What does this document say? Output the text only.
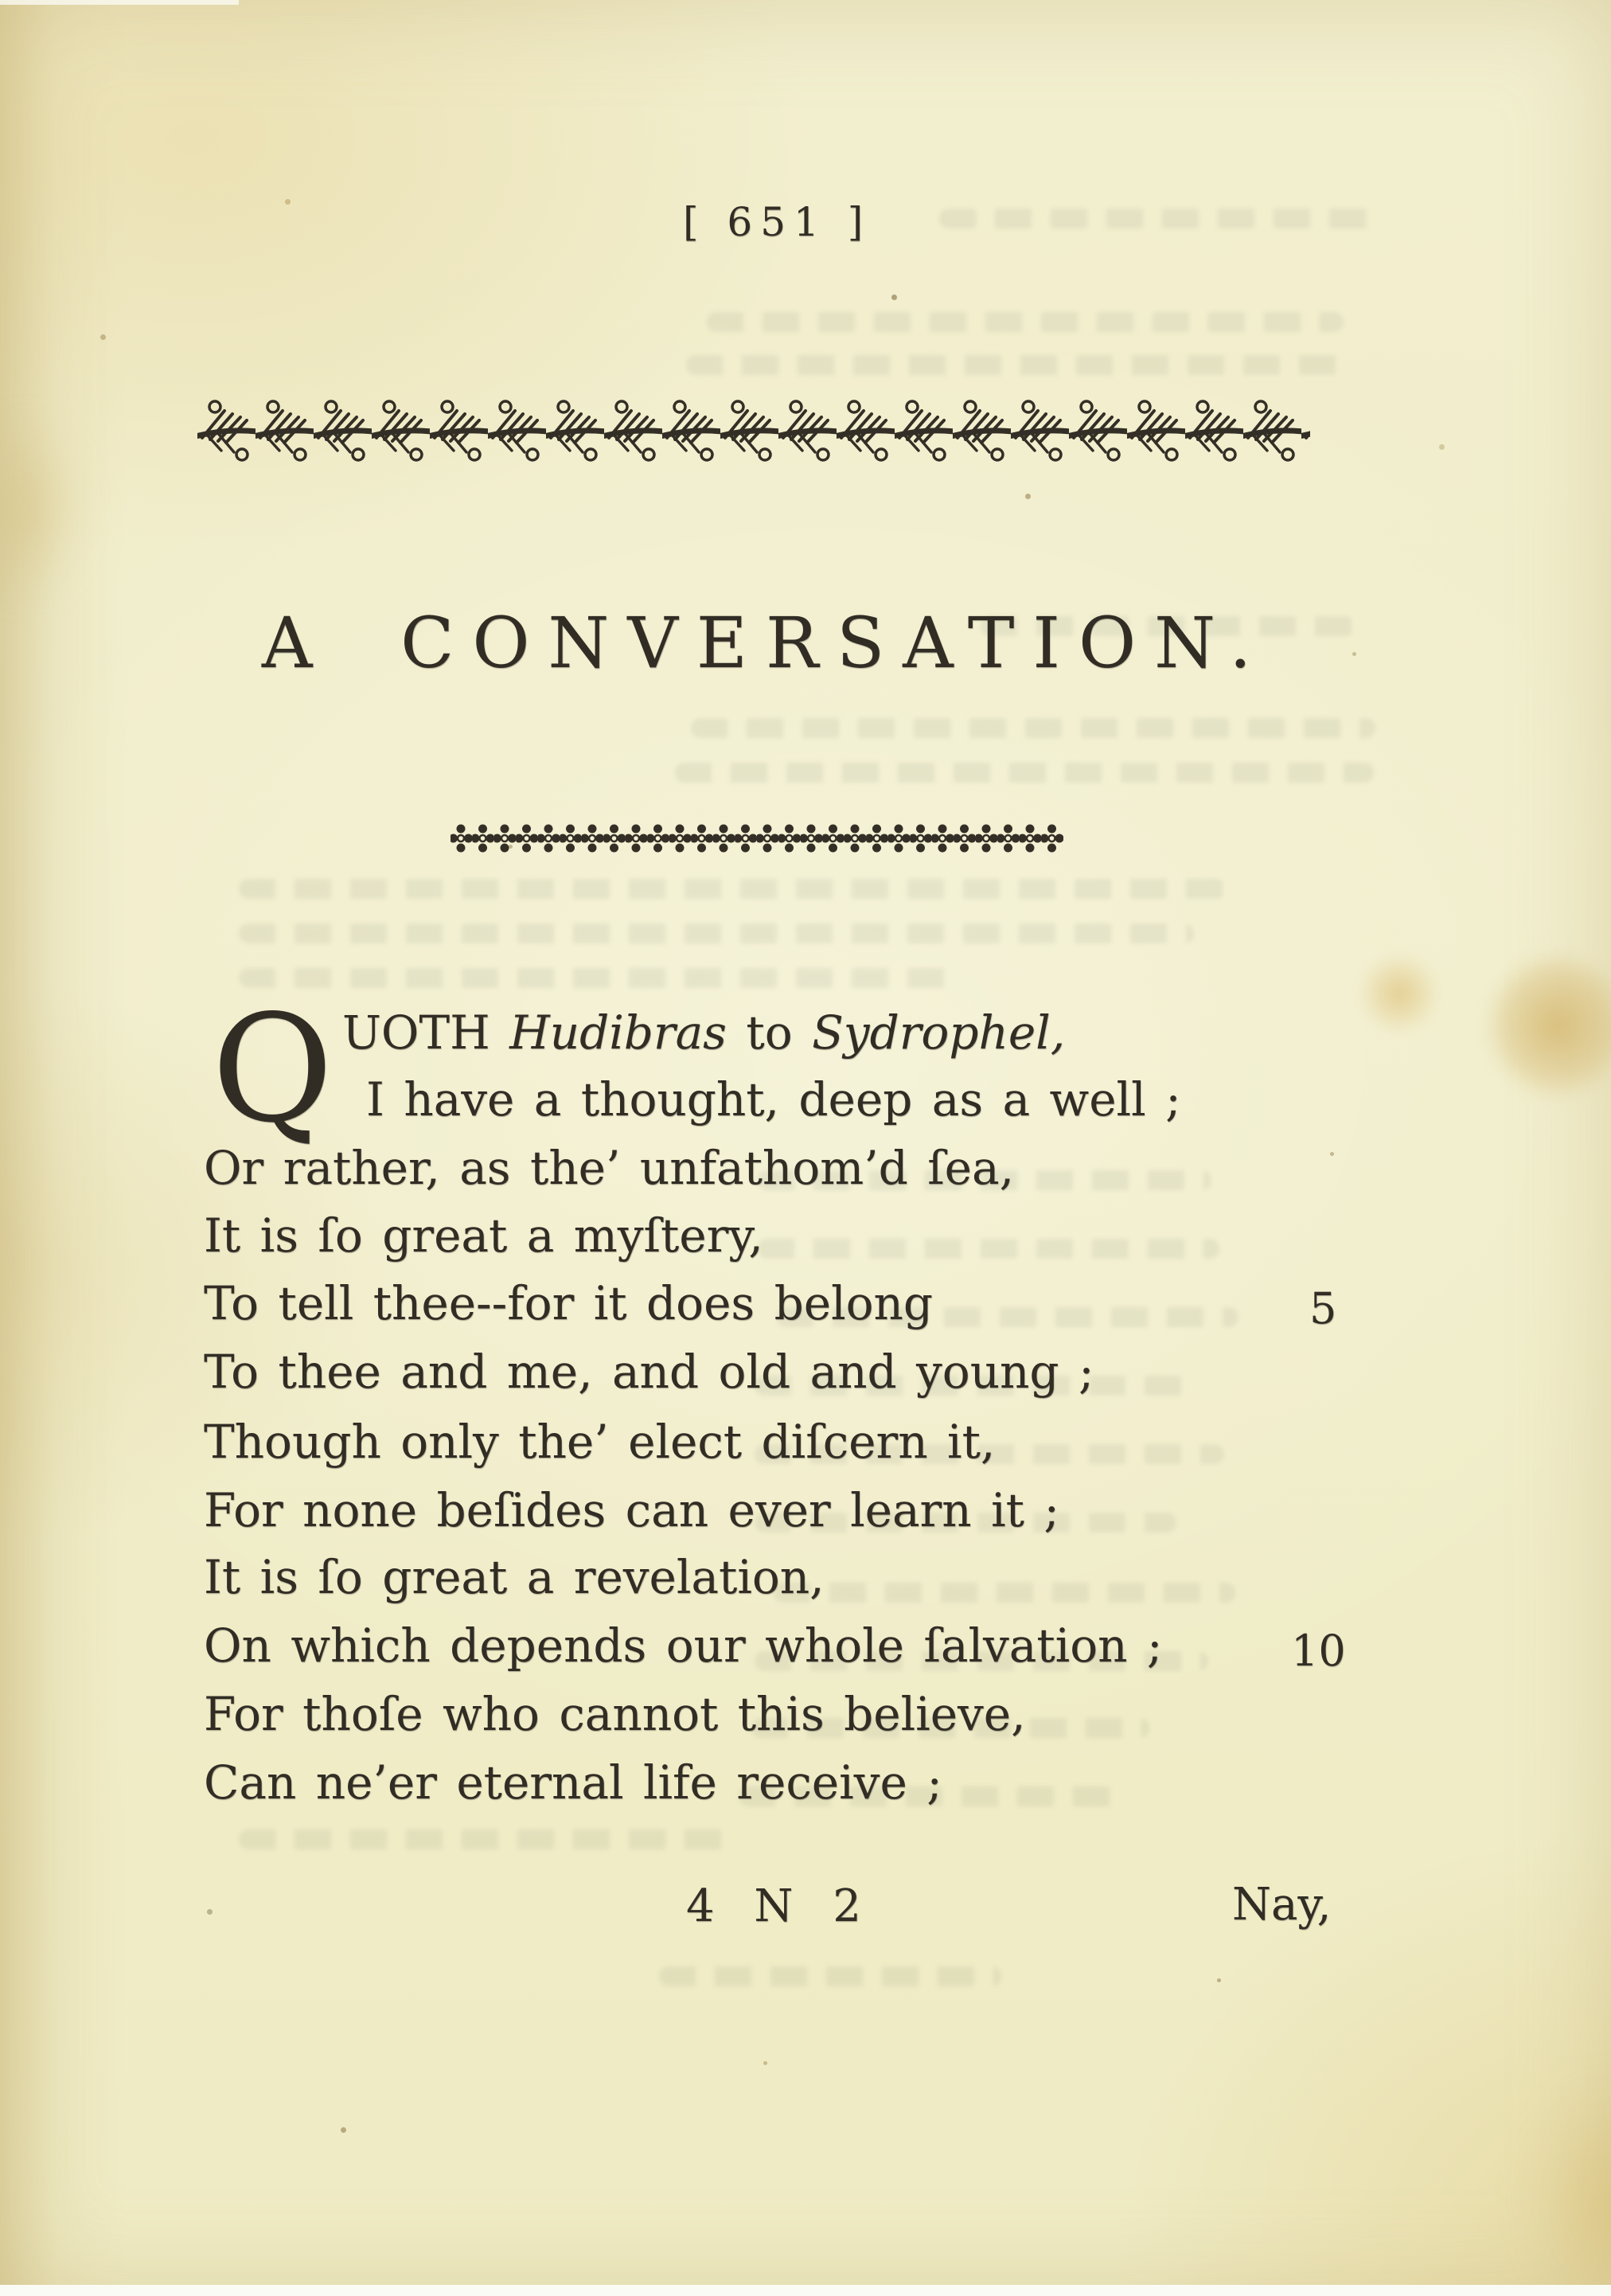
[ 651 ]
A CONVERSATION.
Q UOTH Hudibras to Sydrophel,
I have a thought, deep as a well ;
Or rather, as the’ unfathom’d ſea,
It is ſo great a myſtery,
To tell thee--for it does belong
To thee and me, and old and young ;
Though only the’ elect diſcern it,
For none beſides can ever learn it ;
It is ſo great a revelation,
On which depends our whole ſalvation ;
For thoſe who cannot this believe,
Can ne’er eternal life receive ;
5
10
4 N 2	Nay,
